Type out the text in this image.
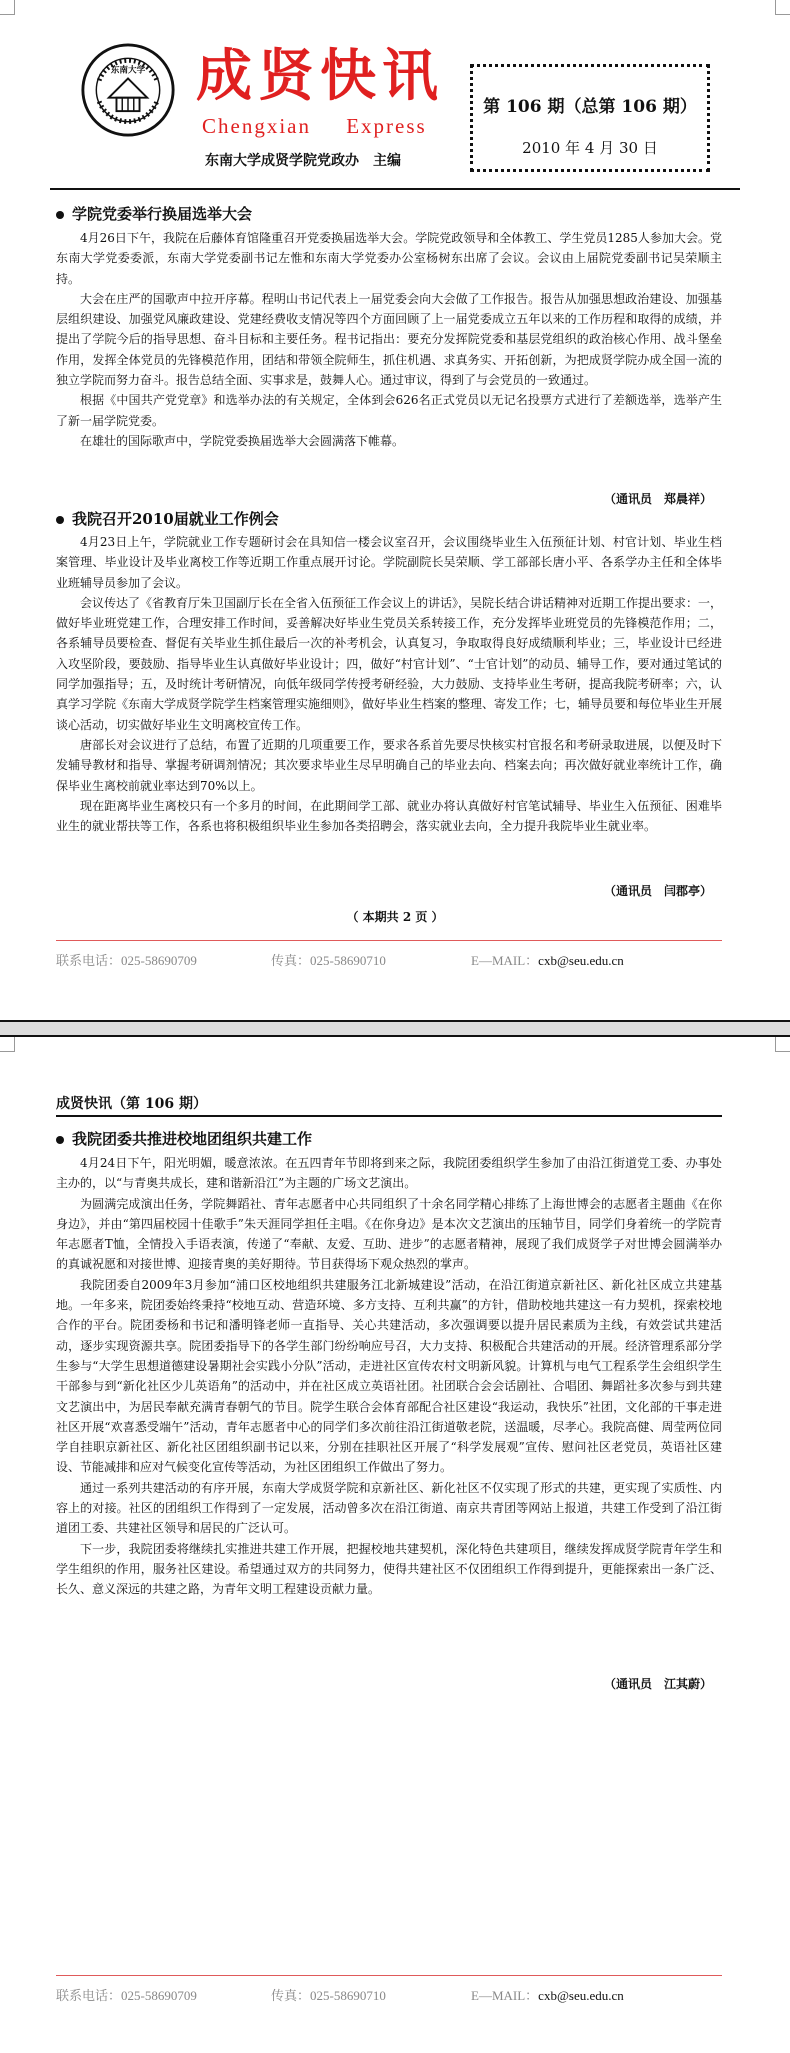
东南大学 成贤快讯
Chengxian Express
东南大学成贤学院党政办　主编
第 106 期（总第 106 期）
2010 年 4 月 30 日
学院党委举行换届选举大会

4月26日下午，我院在后藤体育馆隆重召开党委换届选举大会。学院党政领导和全体教工、学生党员1285人参加大会。党东南大学党委委派，东南大学党委副书记左惟和东南大学党委办公室杨树东出席了会议。会议由上届院党委副书记吴荣顺主持。

大会在庄严的国歌声中拉开序幕。程明山书记代表上一届党委会向大会做了工作报告。报告从加强思想政治建设、加强基层组织建设、加强党风廉政建设、党建经费收支情况等四个方面回顾了上一届党委成立五年以来的工作历程和取得的成绩，并提出了学院今后的指导思想、奋斗目标和主要任务。程书记指出：要充分发挥院党委和基层党组织的政治核心作用、战斗堡垒作用，发挥全体党员的先锋模范作用，团结和带领全院师生，抓住机遇、求真务实、开拓创新，为把成贤学院办成全国一流的独立学院而努力奋斗。报告总结全面、实事求是，鼓舞人心。通过审议，得到了与会党员的一致通过。

根据《中国共产党党章》和选举办法的有关规定，全体到会626名正式党员以无记名投票方式进行了差额选举，选举产生了新一届学院党委。

在雄壮的国际歌声中，学院党委换届选举大会圆满落下帷幕。

（通讯员　郑晨祥）
我院召开2010届就业工作例会

4月23日上午，学院就业工作专题研讨会在具知信一楼会议室召开，会议围绕毕业生入伍预征计划、村官计划、毕业生档案管理、毕业设计及毕业离校工作等近期工作重点展开讨论。学院副院长吴荣顺、学工部部长唐小平、各系学办主任和全体毕业班辅导员参加了会议。

会议传达了《省教育厅朱卫国副厅长在全省入伍预征工作会议上的讲话》，吴院长结合讲话精神对近期工作提出要求：一，做好毕业班党建工作，合理安排工作时间，妥善解决好毕业生党员关系转接工作，充分发挥毕业班党员的先锋模范作用；二，各系辅导员要检查、督促有关毕业生抓住最后一次的补考机会，认真复习，争取取得良好成绩顺利毕业；三，毕业设计已经进入攻坚阶段，要鼓励、指导毕业生认真做好毕业设计；四，做好“村官计划”、“士官计划”的动员、辅导工作，要对通过笔试的同学加强指导；五，及时统计考研情况，向低年级同学传授考研经验，大力鼓励、支持毕业生考研，提高我院考研率；六，认真学习学院《东南大学成贤学院学生档案管理实施细则》，做好毕业生档案的整理、寄发工作；七，辅导员要和每位毕业生开展谈心活动，切实做好毕业生文明离校宣传工作。

唐部长对会议进行了总结，布置了近期的几项重要工作，要求各系首先要尽快核实村官报名和考研录取进展，以便及时下发辅导教材和指导、掌握考研调剂情况；其次要求毕业生尽早明确自己的毕业去向、档案去向；再次做好就业率统计工作，确保毕业生离校前就业率达到70%以上。

现在距离毕业生离校只有一个多月的时间，在此期间学工部、就业办将认真做好村官笔试辅导、毕业生入伍预征、困难毕业生的就业帮扶等工作，各系也将积极组织毕业生参加各类招聘会，落实就业去向，全力提升我院毕业生就业率。

（通讯员　闫郡亭）
（ 本期共 2 页 ）
联系电话：025-58690709	传真：025-58690710	E—MAIL：cxb@seu.edu.cn
成贤快讯（第 106 期）
我院团委共推进校地团组织共建工作

4月24日下午，阳光明媚，暖意浓浓。在五四青年节即将到来之际，我院团委组织学生参加了由沿江街道党工委、办事处主办的，以“与青奥共成长，建和谐新沿江”为主题的广场文艺演出。

为圆满完成演出任务，学院舞蹈社、青年志愿者中心共同组织了十余名同学精心排练了上海世博会的志愿者主题曲《在你身边》，并由“第四届校园十佳歌手”朱天涯同学担任主唱。《在你身边》是本次文艺演出的压轴节目，同学们身着统一的学院青年志愿者T恤，全情投入手语表演，传递了“奉献、友爱、互助、进步”的志愿者精神，展现了我们成贤学子对世博会圆满举办的真诚祝愿和对接世博、迎接青奥的美好期待。节目获得场下观众热烈的掌声。

我院团委自2009年3月参加“浦口区校地组织共建服务江北新城建设”活动，在沿江街道京新社区、新化社区成立共建基地。一年多来，院团委始终秉持“校地互动、营造环境、多方支持、互利共赢”的方针，借助校地共建这一有力契机，探索校地合作的平台。院团委杨和书记和潘明锋老师一直指导、关心共建活动，多次强调要以提升居民素质为主线，有效尝试共建活动，逐步实现资源共享。院团委指导下的各学生部门纷纷响应号召，大力支持、积极配合共建活动的开展。经济管理系部分学生参与“大学生思想道德建设暑期社会实践小分队”活动，走进社区宣传农村文明新风貌。计算机与电气工程系学生会组织学生干部参与到“新化社区少儿英语角”的活动中，并在社区成立英语社团。社团联合会会话剧社、合唱团、舞蹈社多次参与到共建文艺演出中，为居民奉献充满青春朝气的节目。院学生联合会体育部配合社区建设“我运动，我快乐”社团，文化部的干事走进社区开展“欢喜悉受端午”活动，青年志愿者中心的同学们多次前往沿江街道敬老院，送温暖，尽孝心。我院高健、周莹两位同学自挂职京新社区、新化社区团组织副书记以来，分别在挂职社区开展了“科学发展观”宣传、慰问社区老党员，英语社区建设、节能减排和应对气候变化宣传等活动，为社区团组织工作做出了努力。

通过一系列共建活动的有序开展，东南大学成贤学院和京新社区、新化社区不仅实现了形式的共建，更实现了实质性、内容上的对接。社区的团组织工作得到了一定发展，活动曾多次在沿江街道、南京共青团等网站上报道，共建工作受到了沿江街道团工委、共建社区领导和居民的广泛认可。

下一步，我院团委将继续扎实推进共建工作开展，把握校地共建契机，深化特色共建项目，继续发挥成贤学院青年学生和学生组织的作用，服务社区建设。希望通过双方的共同努力，使得共建社区不仅团组织工作得到提升，更能探索出一条广泛、长久、意义深远的共建之路，为青年文明工程建设贡献力量。

（通讯员　江其蔚）
联系电话：025-58690709	传真：025-58690710	E—MAIL：cxb@seu.edu.cn
